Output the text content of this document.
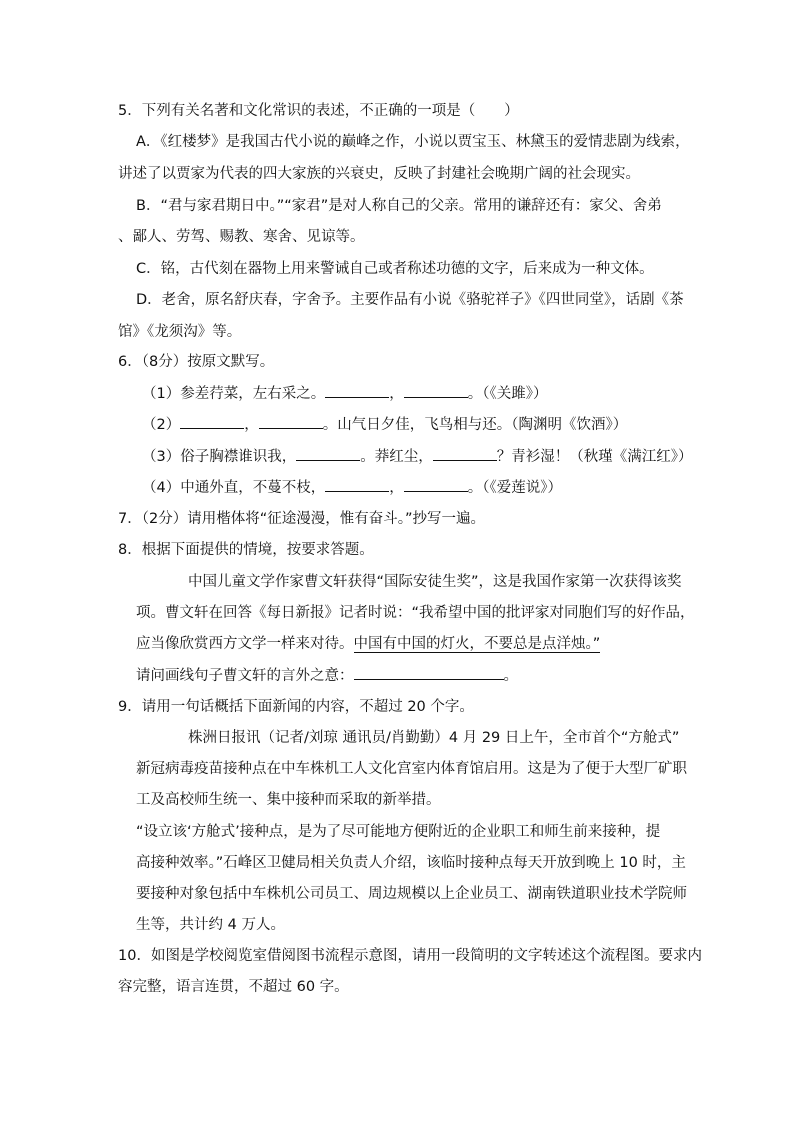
5．下列有关名著和文化常识的表述，不正确的一项是（　　）
A．《红楼梦》是我国古代小说的巅峰之作，小说以贾宝玉、林黛玉的爱情悲剧为线索，
讲述了以贾家为代表的四大家族的兴衰史，反映了封建社会晚期广阔的社会现实。
B．“君与家君期日中。”“家君”是对人称自己的父亲。常用的谦辞还有：家父、舍弟
、鄙人、劳驾、赐教、寒舍、见谅等。
C．铭，古代刻在器物上用来警诫自己或者称述功德的文字，后来成为一种文体。
D．老舍，原名舒庆春，字舍予。主要作品有小说《骆驼祥子》《四世同堂》，话剧《茶
馆》《龙须沟》等。
6．（8分）按原文默写。
（1）参差荇菜，左右采之。	，	。（《关雎》）
（2）	，	。山气日夕佳，飞鸟相与还。（陶渊明《饮酒》）
（3）俗子胸襟谁识我，	。莽红尘，	？青衫湿！（秋瑾《满江红》）
（4）中通外直，不蔓不枝，	，	。（《爱莲说》）
7．（2分）请用楷体将“征途漫漫，惟有奋斗。”抄写一遍。
8．根据下面提供的情境，按要求答题。
中国儿童文学作家曹文轩获得“国际安徒生奖”，这是我国作家第一次获得该奖
项。曹文轩在回答《每日新报》记者时说：“我希望中国的批评家对同胞们写的好作品，
应当像欣赏西方文学一样来对待。中国有中国的灯火，不要总是点洋烛。”
请问画线句子曹文轩的言外之意：	。
9．请用一句话概括下面新闻的内容，不超过 20 个字。
株洲日报讯（记者/刘琼 通讯员/肖勤勤）4 月 29 日上午，全市首个“方舱式”
新冠病毒疫苗接种点在中车株机工人文化宫室内体育馆启用。这是为了便于大型厂矿职
工及高校师生统一、集中接种而采取的新举措。
“设立该‘方舱式’接种点，是为了尽可能地方便附近的企业职工和师生前来接种，提
高接种效率。”石峰区卫健局相关负责人介绍，该临时接种点每天开放到晚上 10 时，主
要接种对象包括中车株机公司员工、周边规模以上企业员工、湖南铁道职业技术学院师
生等，共计约 4 万人。
10．如图是学校阅览室借阅图书流程示意图，请用一段简明的文字转述这个流程图。要求内
容完整，语言连贯，不超过 60 字。
